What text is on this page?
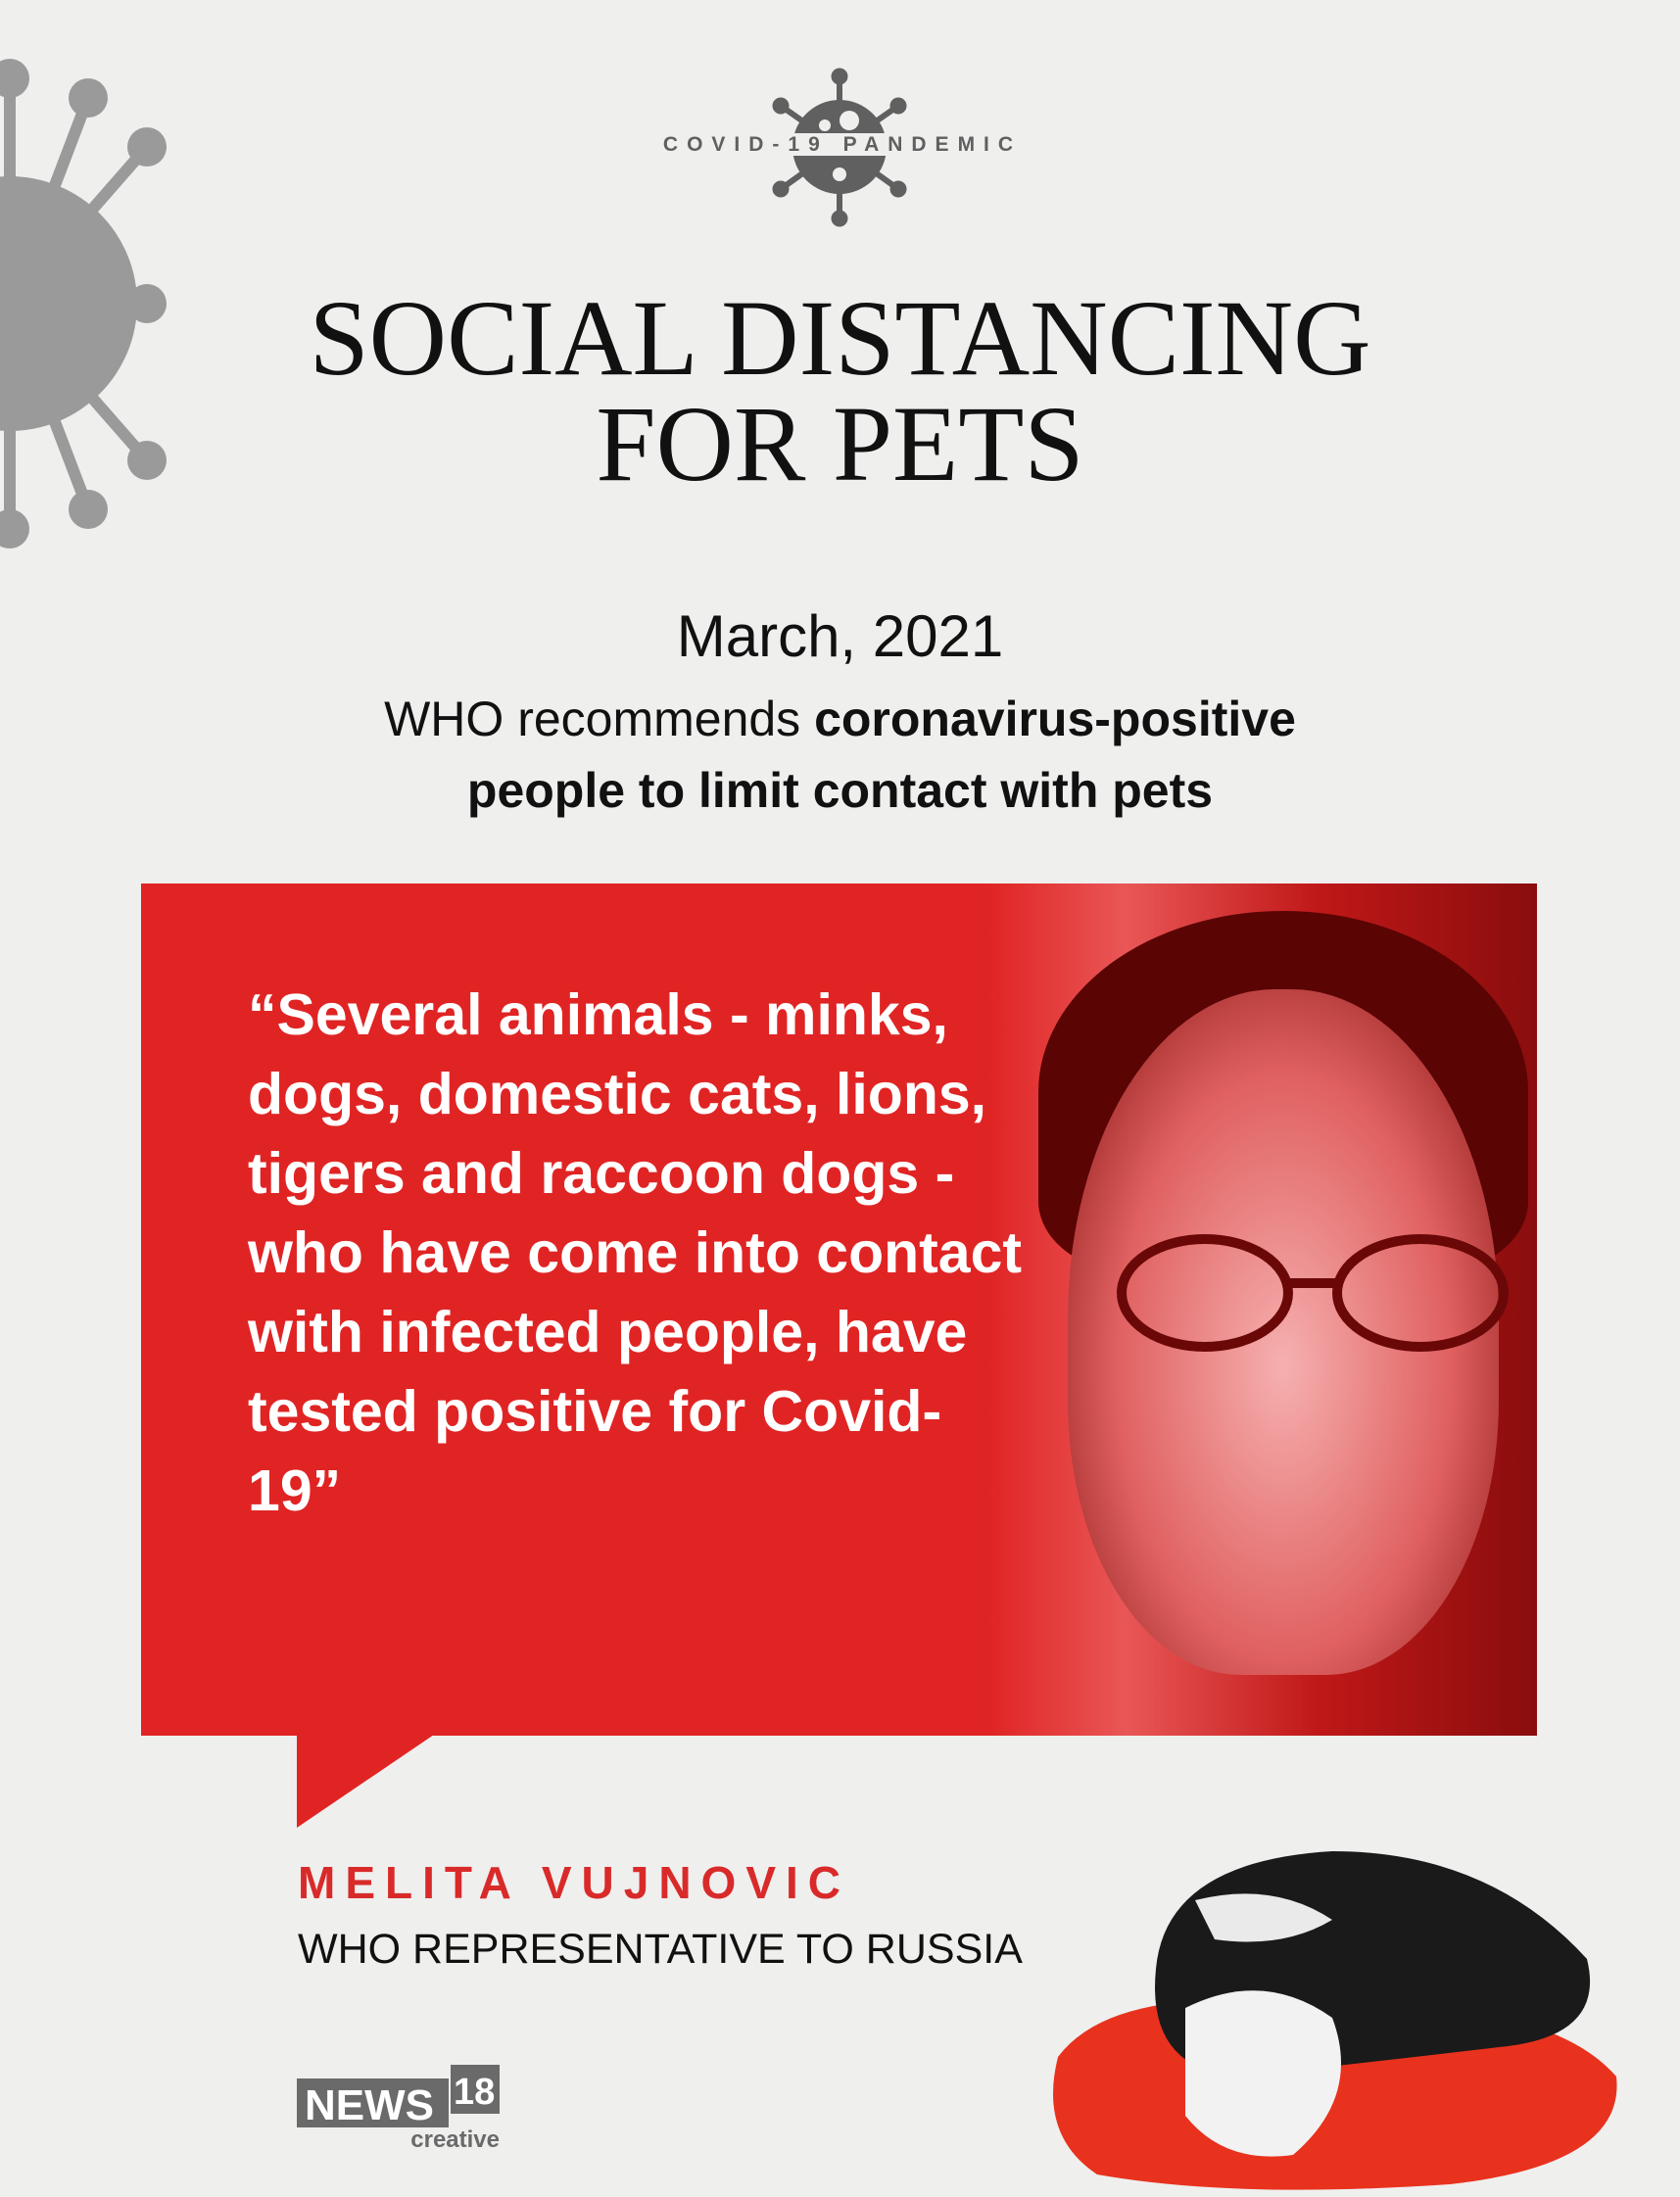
COVID-19 PANDEMIC
SOCIAL DISTANCING
FOR PETS
March, 2021
WHO recommends coronavirus-positive
people to limit contact with pets
“Several animals - minks, dogs, domestic cats, lions, tigers and raccoon dogs - who have come into contact with infected people, have tested positive for Covid-19”
MELITA VUJNOVIC
WHO REPRESENTATIVE TO RUSSIA
NEWS 18
creative
